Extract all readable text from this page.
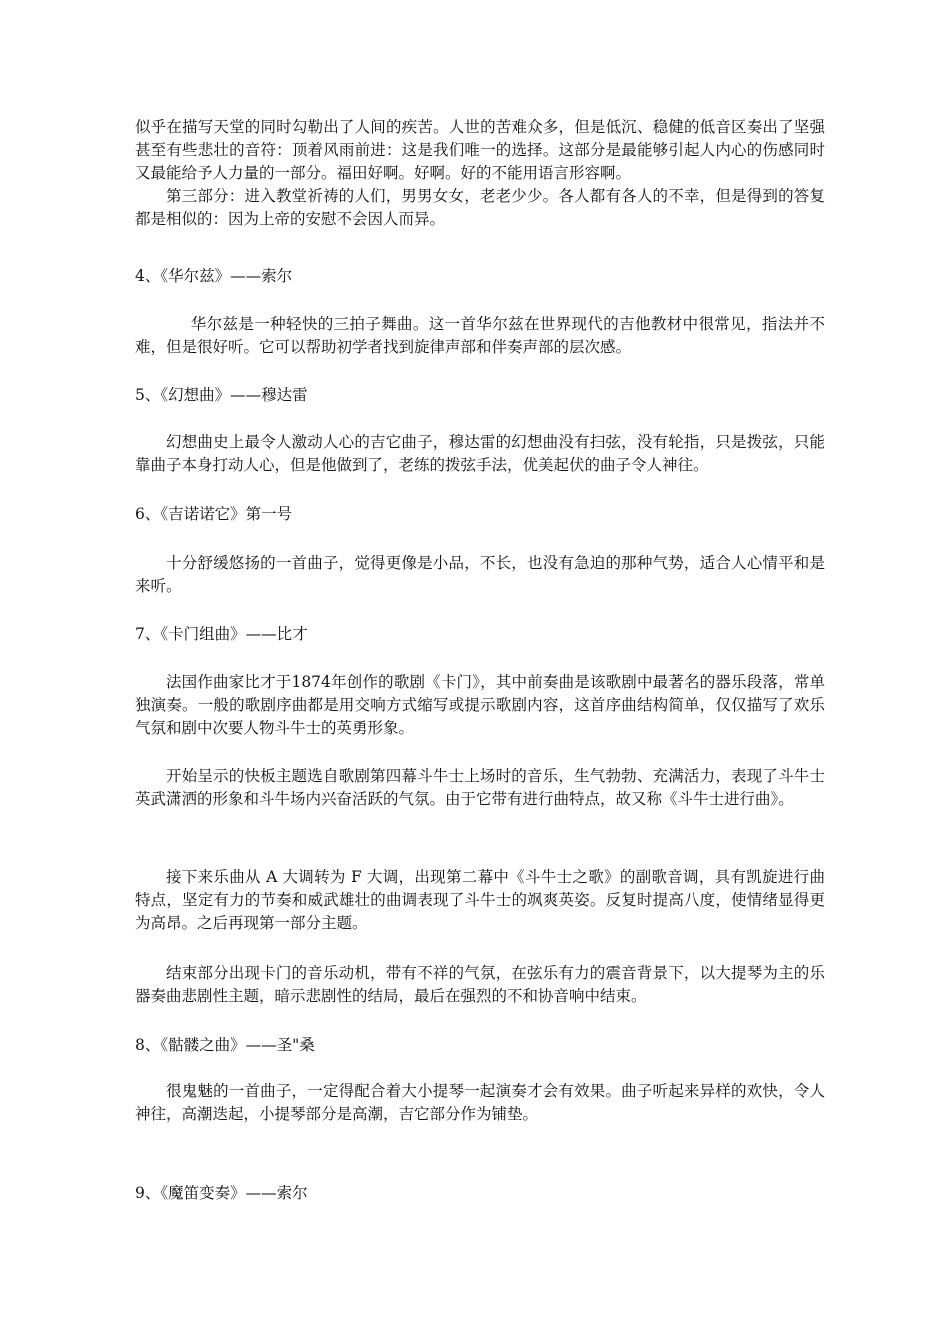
似乎在描写天堂的同时勾勒出了人间的疾苦。人世的苦难众多，但是低沉、稳健的低音区奏出了坚强甚至有些悲壮的音符：顶着风雨前进：这是我们唯一的选择。这部分是最能够引起人内心的伤感同时又最能给予人力量的一部分。福田好啊。好啊。好的不能用语言形容啊。

第三部分：进入教堂祈祷的人们，男男女女，老老少少。各人都有各人的不幸，但是得到的答复都是相似的：因为上帝的安慰不会因人而异。

4、《华尔兹》——索尔

华尔兹是一种轻快的三拍子舞曲。这一首华尔兹在世界现代的吉他教材中很常见，指法并不难，但是很好听。它可以帮助初学者找到旋律声部和伴奏声部的层次感。

5、《幻想曲》——穆达雷

幻想曲史上最令人激动人心的吉它曲子，穆达雷的幻想曲没有扫弦，没有轮指，只是拨弦，只能靠曲子本身打动人心，但是他做到了，老练的拨弦手法，优美起伏的曲子令人神往。

6、《吉诺诺它》第一号

十分舒缓悠扬的一首曲子，觉得更像是小品，不长，也没有急迫的那种气势，适合人心情平和是来听。

7、《卡门组曲》——比才

法国作曲家比才于1874年创作的歌剧《卡门》，其中前奏曲是该歌剧中最著名的器乐段落，常单独演奏。一般的歌剧序曲都是用交响方式缩写或提示歌剧内容，这首序曲结构简单，仅仅描写了欢乐气氛和剧中次要人物斗牛士的英勇形象。

开始呈示的快板主题选自歌剧第四幕斗牛士上场时的音乐，生气勃勃、充满活力，表现了斗牛士英武潇洒的形象和斗牛场内兴奋活跃的气氛。由于它带有进行曲特点，故又称《斗牛士进行曲》。

接下来乐曲从 A 大调转为 F 大调，出现第二幕中《斗牛士之歌》的副歌音调，具有凯旋进行曲特点，坚定有力的节奏和威武雄壮的曲调表现了斗牛士的飒爽英姿。反复时提高八度，使情绪显得更为高昂。之后再现第一部分主题。

结束部分出现卡门的音乐动机，带有不祥的气氛，在弦乐有力的震音背景下，以大提琴为主的乐器奏曲悲剧性主题，暗示悲剧性的结局，最后在强烈的不和协音响中结束。

8、《骷髅之曲》——圣"桑

很鬼魅的一首曲子，一定得配合着大小提琴一起演奏才会有效果。曲子听起来异样的欢快，令人神往，高潮迭起，小提琴部分是高潮，吉它部分作为铺垫。

9、《魔笛变奏》——索尔
